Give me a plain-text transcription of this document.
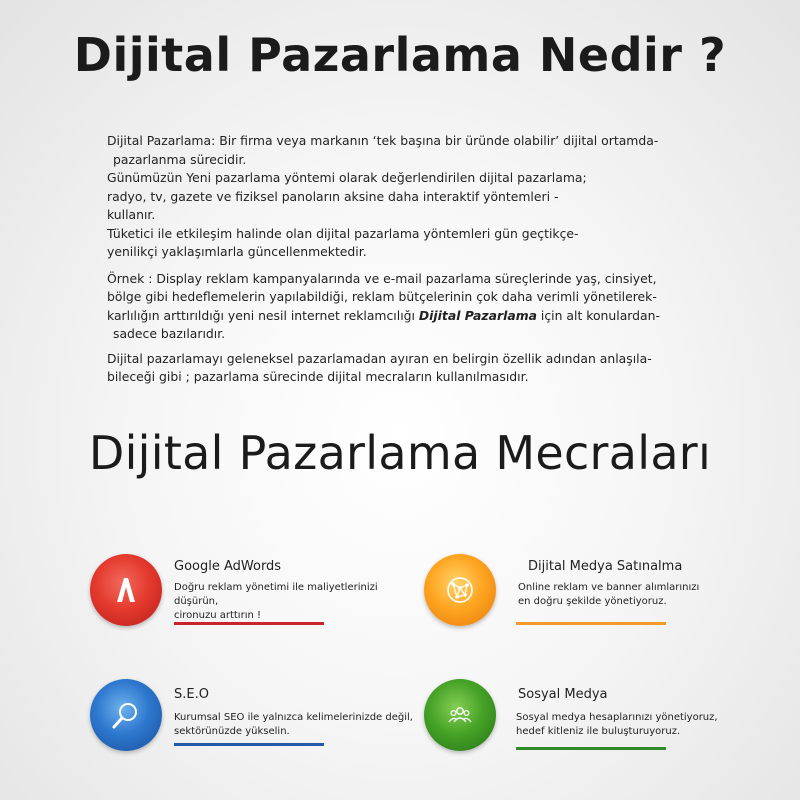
Dijital Pazarlama Nedir ?

Dijital Pazarlama: Bir firma veya markanın ‘tek başına bir üründe olabilir’ dijital ortamda-
pazarlanma sürecidir.
Günümüzün Yeni pazarlama yöntemi olarak değerlendirilen dijital pazarlama;
radyo, tv, gazete ve fiziksel panoların aksine daha interaktif yöntemleri -
kullanır.
Tüketici ile etkileşim halinde olan dijital pazarlama yöntemleri gün geçtikçe-
yenilikçi yaklaşımlarla güncellenmektedir.

Örnek : Display reklam kampanyalarında ve e-mail pazarlama süreçlerinde yaş, cinsiyet,
bölge gibi hedeflemelerin yapılabildiği, reklam bütçelerinin çok daha verimli yönetilerek-
karlılığın arttırıldığı yeni nesil internet reklamcılığı Dijital Pazarlama için alt konulardan-
sadece bazılarıdır.

Dijital pazarlamayı geleneksel pazarlamadan ayıran en belirgin özellik adından anlaşıla-
bileceği gibi ; pazarlama sürecinde dijital mecraların kullanılmasıdır.

Dijital Pazarlama Mecraları
Google AdWords
Doğru reklam yönetimi ile maliyetlerinizi düşürün,
cironuzu arttırın !
Dijital Medya Satınalma
Online reklam ve banner alımlarınızı
en doğru şekilde yönetiyoruz.
S.E.O
Kurumsal SEO ile yalnızca kelimelerinizde değil,
sektörünüzde yükselin.
Sosyal Medya
Sosyal medya hesaplarınızı yönetiyoruz,
hedef kitleniz ile buluşturuyoruz.
